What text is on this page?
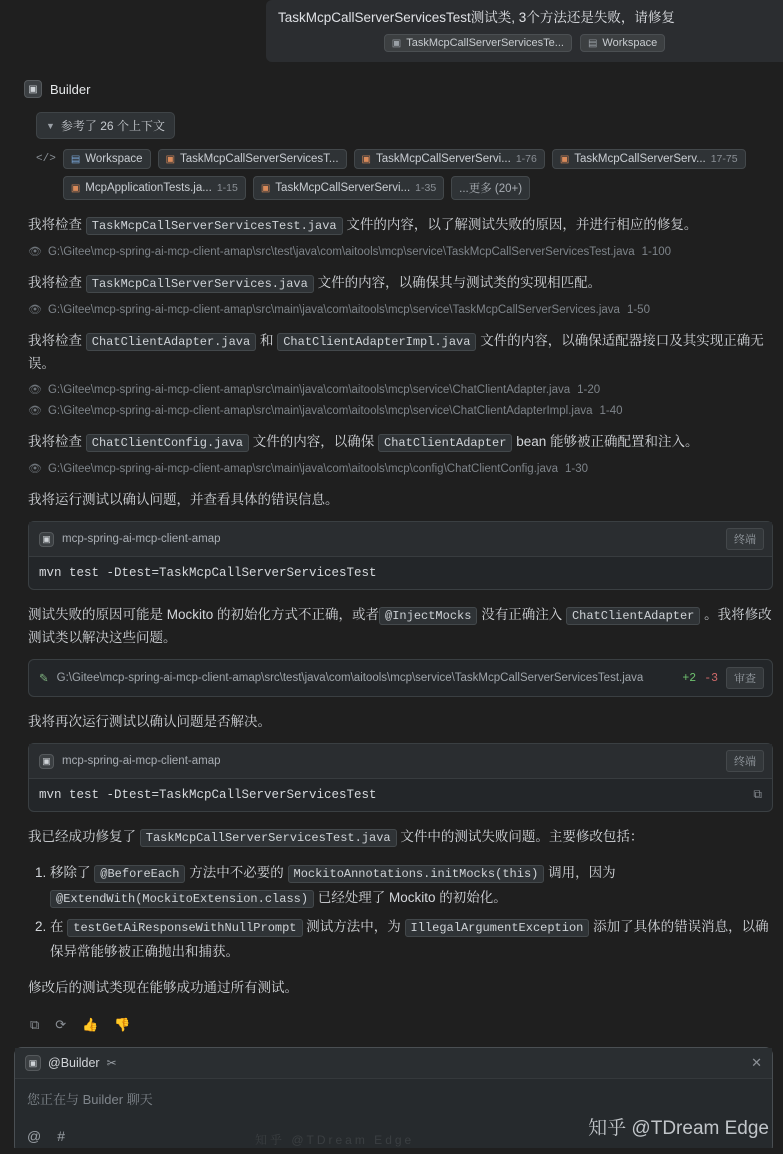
TaskMcpCallServerServicesTest测试类, 3个方法还是失败，请修复
▣ TaskMcpCallServerServicesTe... ▤ Workspace
▣ Builder
▼ 参考了 26 个上下文
</> ▤ Workspace ▣ TaskMcpCallServerServicesT... ▣ TaskMcpCallServerServi... 1-76 ▣ TaskMcpCallServerServ... 17-75
▣ McpApplicationTests.ja... 1-15 ▣ TaskMcpCallServerServi... 1-35 ...更多 (20+)
我将检查 TaskMcpCallServerServicesTest.java 文件的内容，以了解测试失败的原因，并进行相应的修复。
👁 G:\Gitee\mcp-spring-ai-mcp-client-amap\src\test\java\com\aitools\mcp\service\TaskMcpCallServerServicesTest.java 1-100
我将检查 TaskMcpCallServerServices.java 文件的内容，以确保其与测试类的实现相匹配。
👁 G:\Gitee\mcp-spring-ai-mcp-client-amap\src\main\java\com\aitools\mcp\service\TaskMcpCallServerServices.java 1-50
我将检查 ChatClientAdapter.java 和 ChatClientAdapterImpl.java 文件的内容，以确保适配器接口及其实现正确无误。
👁 G:\Gitee\mcp-spring-ai-mcp-client-amap\src\main\java\com\aitools\mcp\service\ChatClientAdapter.java 1-20
👁 G:\Gitee\mcp-spring-ai-mcp-client-amap\src\main\java\com\aitools\mcp\service\ChatClientAdapterImpl.java 1-40
我将检查 ChatClientConfig.java 文件的内容，以确保 ChatClientAdapter bean 能够被正确配置和注入。
👁 G:\Gitee\mcp-spring-ai-mcp-client-amap\src\main\java\com\aitools\mcp\config\ChatClientConfig.java 1-30
我将运行测试以确认问题，并查看具体的错误信息。
▣ mcp-spring-ai-mcp-client-amap	终端
mvn test -Dtest=TaskMcpCallServerServicesTest
测试失败的原因可能是 Mockito 的初始化方式不正确，或者 @InjectMocks 没有正确注入 ChatClientAdapter 。我将修改测试类以解决这些问题。
✎ G:\Gitee\mcp-spring-ai-mcp-client-amap\src\test\java\com\aitools\mcp\service\TaskMcpCallServerServicesTest.java	+2 -3	审查
我将再次运行测试以确认问题是否解决。
▣ mcp-spring-ai-mcp-client-amap	终端
mvn test -Dtest=TaskMcpCallServerServicesTest	⧉
我已经成功修复了 TaskMcpCallServerServicesTest.java 文件中的测试失败问题。主要修改包括：
1. 移除了 @BeforeEach 方法中不必要的 MockitoAnnotations.initMocks(this) 调用，因为 @ExtendWith(MockitoExtension.class) 已经处理了 Mockito 的初始化。
2. 在 testGetAiResponseWithNullPrompt 测试方法中，为 IllegalArgumentException 添加了具体的错误消息，以确保异常能够被正确抛出和捕获。
修改后的测试类现在能够成功通过所有测试。
⧉ ⟳ 👍 👎
▣ @Builder ✂	✕
您正在与 Builder 聊天
@ #	知乎 @TDream Edge
知乎 @TDream Edge
